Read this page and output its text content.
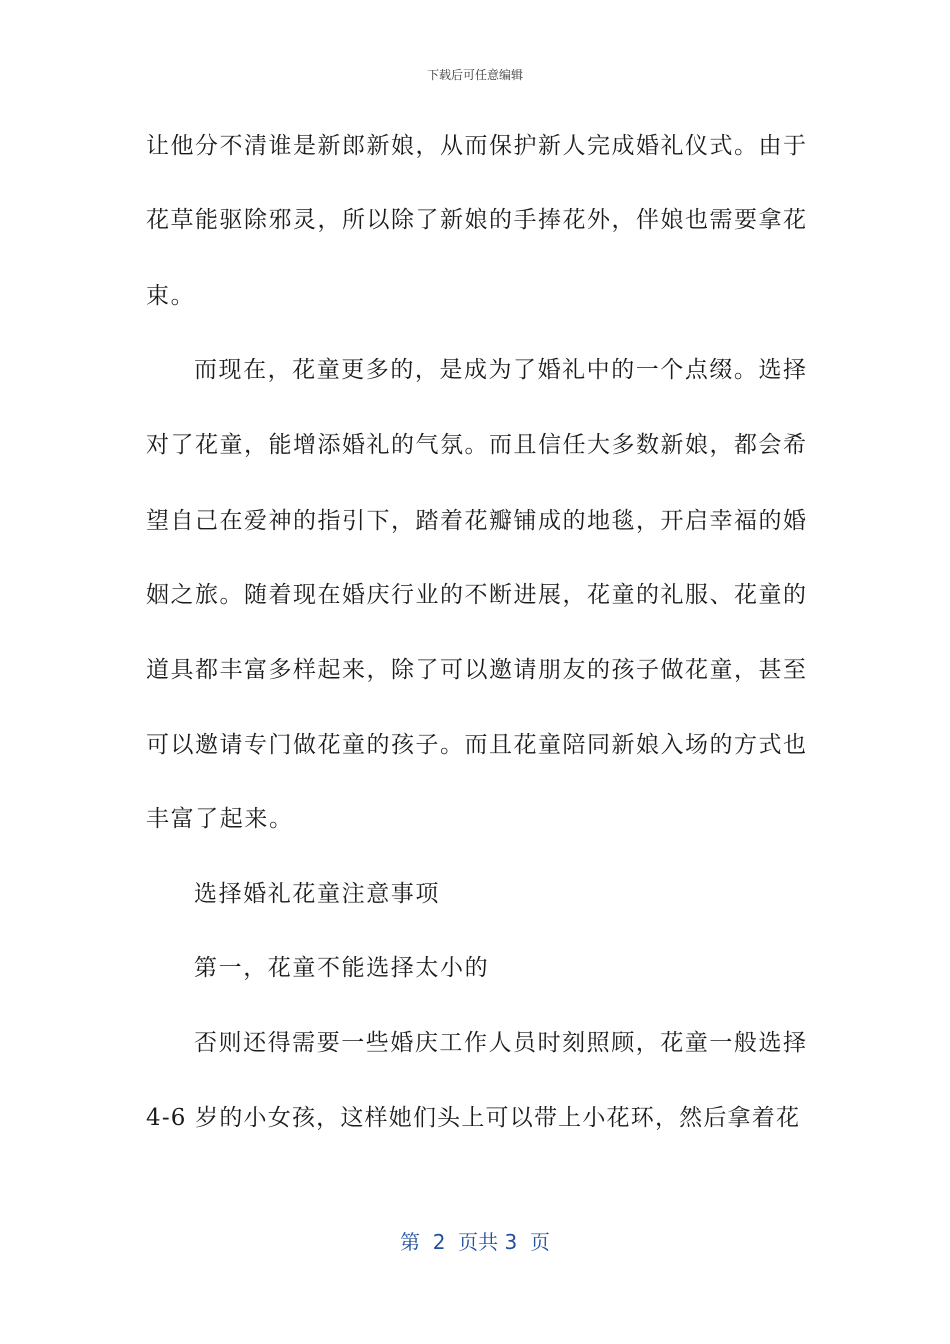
下载后可任意编辑
让他分不清谁是新郎新娘，从而保护新人完成婚礼仪式。由于
花草能驱除邪灵，所以除了新娘的手捧花外，伴娘也需要拿花
束。
而现在，花童更多的，是成为了婚礼中的一个点缀。选择
对了花童，能增添婚礼的气氛。而且信任大多数新娘，都会希
望自己在爱神的指引下，踏着花瓣铺成的地毯，开启幸福的婚
姻之旅。随着现在婚庆行业的不断进展，花童的礼服、花童的
道具都丰富多样起来，除了可以邀请朋友的孩子做花童，甚至
可以邀请专门做花童的孩子。而且花童陪同新娘入场的方式也
丰富了起来。
选择婚礼花童注意事项
第一，花童不能选择太小的
否则还得需要一些婚庆工作人员时刻照顾，花童一般选择
4-6 岁的小女孩，这样她们头上可以带上小花环，然后拿着花
第  2  页共 3  页
